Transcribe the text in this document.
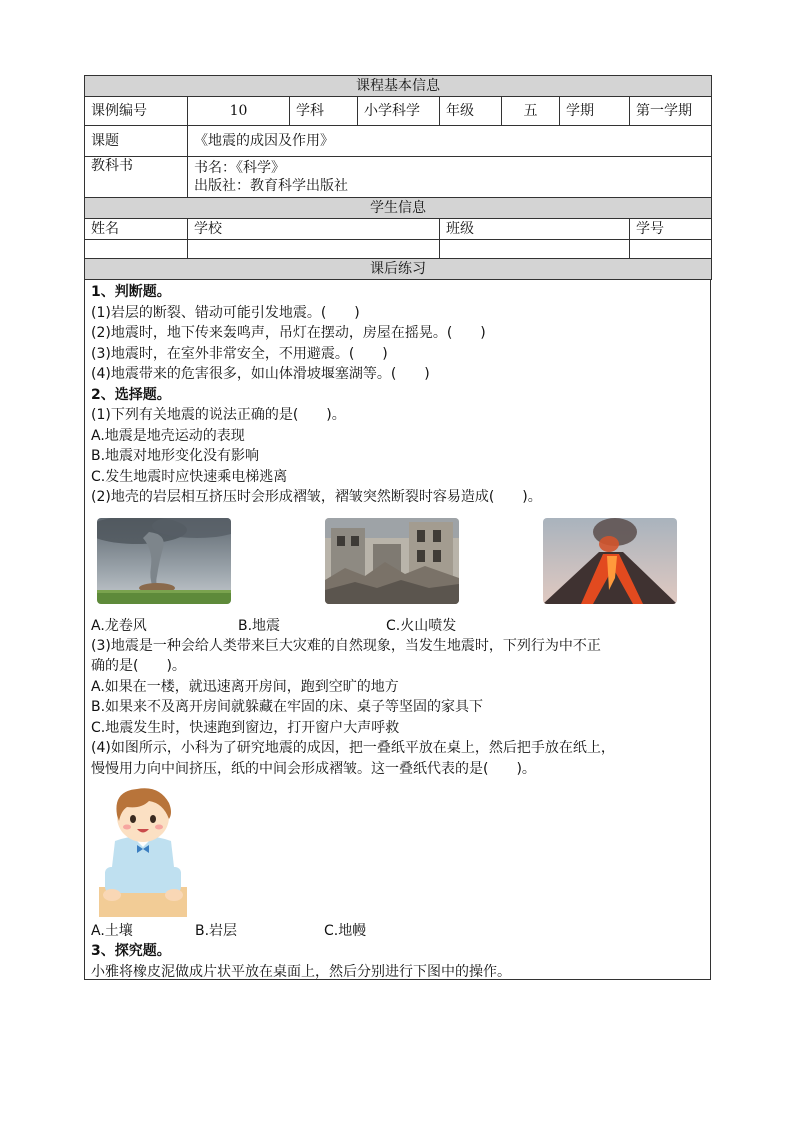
课程基本信息							
课例编号	10	学科	小学科学	年级	五	学期	第一学期
课题	《地震的成因及作用》						
教科书	书名：《科学》
出版社：教育科学出版社						

学生信息							
姓名	学校			班级			学号

课后练习							

1、判断题。

(1)岩层的断裂、错动可能引发地震。(　　)

(2)地震时，地下传来轰鸣声，吊灯在摆动，房屋在摇晃。(　　)

(3)地震时，在室外非常安全，不用避震。(　　)

(4)地震带来的危害很多，如山体滑坡堰塞湖等。(　　)

2、选择题。

(1)下列有关地震的说法正确的是(　　)。

A.地震是地壳运动的表现

B.地震对地形变化没有影响

C.发生地震时应快速乘电梯逃离

(2)地壳的岩层相互挤压时会形成褶皱，褶皱突然断裂时容易造成(　　)。

A.龙卷风	B.地震	C.火山喷发

(3)地震是一种会给人类带来巨大灾难的自然现象，当发生地震时，下列行为中不正

确的是(　　)。

A.如果在一楼，就迅速离开房间，跑到空旷的地方

B.如果来不及离开房间就躲藏在牢固的床、桌子等坚固的家具下

C.地震发生时，快速跑到窗边，打开窗户大声呼救

(4)如图所示，小科为了研究地震的成因，把一叠纸平放在桌上，然后把手放在纸上，

慢慢用力向中间挤压，纸的中间会形成褶皱。这一叠纸代表的是(　　)。

A.土壤	B.岩层	C.地幔

3、探究题。

小雅将橡皮泥做成片状平放在桌面上，然后分别进行下图中的操作。
